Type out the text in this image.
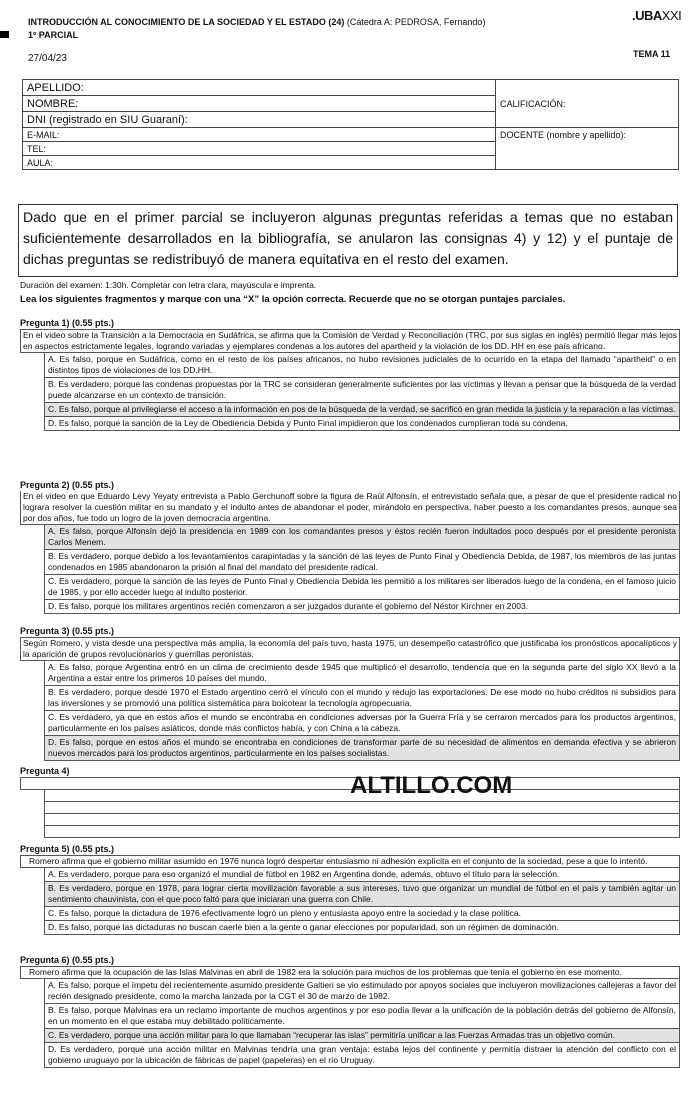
INTRODUCCIÓN AL CONOCIMIENTO DE LA SOCIEDAD Y EL ESTADO (24) (Cátedra A: PEDROSA, Fernando)
1º PARCIAL
.UBAXXI
27/04/23	TEMA 11
APELLIDO:	CALIFICACIÓN:
NOMBRE:	
DNI (registrado en SIU Guaraní):	
E-MAIL:	DOCENTE (nombre y apellido):
TEL:	
AULA:	
Dado que en el primer parcial se incluyeron algunas preguntas referidas a temas que no estaban suficientemente desarrollados en la bibliografía, se anularon las consignas 4) y 12) y el puntaje de dichas preguntas se redistribuyó de manera equitativa en el resto del examen.
Duración del examen: 1:30h. Completar con letra clara, mayúscula e imprenta.
Lea los siguientes fragmentos y marque con una “X” la opción correcta. Recuerde que no se otorgan puntajes parciales.
Pregunta 1) (0.55 pts.)
En el video sobre la Transición a la Democracia en Sudáfrica, se afirma que la Comisión de Verdad y Reconciliación (TRC, por sus siglas en inglés) permitió llegar más lejos en aspectos estrictamente legales, logrando variadas y ejemplares condenas a los autores del apartheid y la violación de los DD. HH en ese país africano.
A. Es falso, porque en Sudáfrica, como en el resto de los países africanos, no hubo revisiones judiciales de lo ocurrido en la etapa del llamado “apartheid” o en distintos tipos de violaciones de los DD.HH.
B. Es verdadero, porque las condenas propuestas por la TRC se consideran generalmente suficientes por las víctimas y llevan a pensar que la búsqueda de la verdad puede alcanzarse en un contexto de transición.
C. Es falso, porque al privilegiarse el acceso a la información en pos de la búsqueda de la verdad, se sacrificó en gran medida la justicia y la reparación a las víctimas.
D. Es falso, porque la sanción de la Ley de Obediencia Debida y Punto Final impidieron que los condenados cumplieran toda su condena.
Pregunta 2) (0.55 pts.)
En el video en que Eduardo Levy Yeyaty entrevista a Pablo Gerchunoff sobre la figura de Raúl Alfonsín, el entrevistado señala que, a pesar de que el presidente radical no lograra resolver la cuestión militar en su mandato y el indulto antes de abandonar el poder, mirándolo en perspectiva, haber puesto a los comandantes presos, aunque sea por dos años, fue todo un logro de la joven democracia argentina.
A. Es falso, porque Alfonsín dejó la presidencia en 1989 con los comandantes presos y éstos recién fueron indultados poco después por el presidente peronista Carlos Menem.
B. Es verdadero, porque debido a los levantamientos carapintadas y la sanción de las leyes de Punto Final y Obediencia Debida, de 1987, los miembros de las juntas condenados en 1985 abandonaron la prisión al final del mandato del presidente radical.
C. Es verdadero, porque la sanción de las leyes de Punto Final y Obediencia Debida les permitió a los militares ser liberados luego de la condena, en el famoso juicio de 1985, y por ello acceder luego al indulto posterior.
D. Es falso, porque los militares argentinos recién comenzaron a ser juzgados durante el gobierno del Néstor Kirchner en 2003.
Pregunta 3) (0.55 pts.)
Según Romero, y vista desde una perspectiva más amplia, la economía del país tuvo, hasta 1975, un desempeño catastrófico que justificaba los pronósticos apocalípticos y la aparición de grupos revolucionarios y guerrillas peronistas.
A. Es falso, porque Argentina entró en un clima de crecimiento desde 1945 que multiplicó el desarrollo, tendencia que en la segunda parte del siglo XX llevó a la Argentina a estar entre los primeros 10 países del mundo.
B. Es verdadero, porque desde 1970 el Estado argentino cerró el vínculo con el mundo y redujo las exportaciones. De ese modo no hubo créditos ni subsidios para las inversiones y se promovió una política sistemática para boicotear la tecnología agropecuaria.
C. Es verdadero, ya que en estos años el mundo se encontraba en condiciones adversas por la Guerra Fría y se cerraron mercados para los productos argentinos, particularmente en los países asiáticos, donde más conflictos había, y con China a la cabeza.
D. Es falso, porque en estos años el mundo se encontraba en condiciones de transformar parte de su necesidad de alimentos en demanda efectiva y se abrieron nuevos mercados para los productos argentinos, particularmente en los países socialistas.
Pregunta 4)
ALTILLO.COM
Pregunta 5) (0.55 pts.)
Romero afirma que el gobierno militar asumido en 1976 nunca logró despertar entusiasmo ni adhesión explícita en el conjunto de la sociedad, pese a que lo intentó.
A. Es verdadero, porque para eso organizó el mundial de fútbol en 1982 en Argentina donde, además, obtuvo el título para la selección.
B. Es verdadero, porque en 1978, para lograr cierta movilización favorable a sus intereses, tuvo que organizar un mundial de fútbol en el país y también agitar un sentimiento chauvinista, con el que poco faltó para que iniciaran una guerra con Chile.
C. Es falso, porque la dictadura de 1976 efectivamente logró un pleno y entusiasta apoyo entre la sociedad y la clase política.
D. Es falso, porque las dictaduras no buscan caerle bien a la gente o ganar elecciones por popularidad, son un régimen de dominación.
Pregunta 6) (0.55 pts.)
Romero afirma que la ocupación de las Islas Malvinas en abril de 1982 era la solución para muchos de los problemas que tenía el gobierno en ese momento.
A. Es falso, porque el ímpetu del recientemente asumido presidente Galtieri se vio estimulado por apoyos sociales que incluyeron movilizaciones callejeras a favor del recién designado presidente, como la marcha lanzada por la CGT el 30 de marzo de 1982.
B. Es falso, porque Malvinas era un reclamo importante de muchos argentinos y por eso podía llevar a la unificación de la población detrás del gobierno de Alfonsín, en un momento en el que estaba muy debilitado políticamente.
C. Es verdadero, porque una acción militar para lo que llamaban “recuperar las islas” permitiría unificar a las Fuerzas Armadas tras un objetivo común.
D. Es verdadero, porque una acción militar en Malvinas tendría una gran ventaja: estaba lejos del continente y permitía distraer la atención del conflicto con el gobierno uruguayo por la ubicación de fábricas de papel (papeleras) en el río Uruguay.
